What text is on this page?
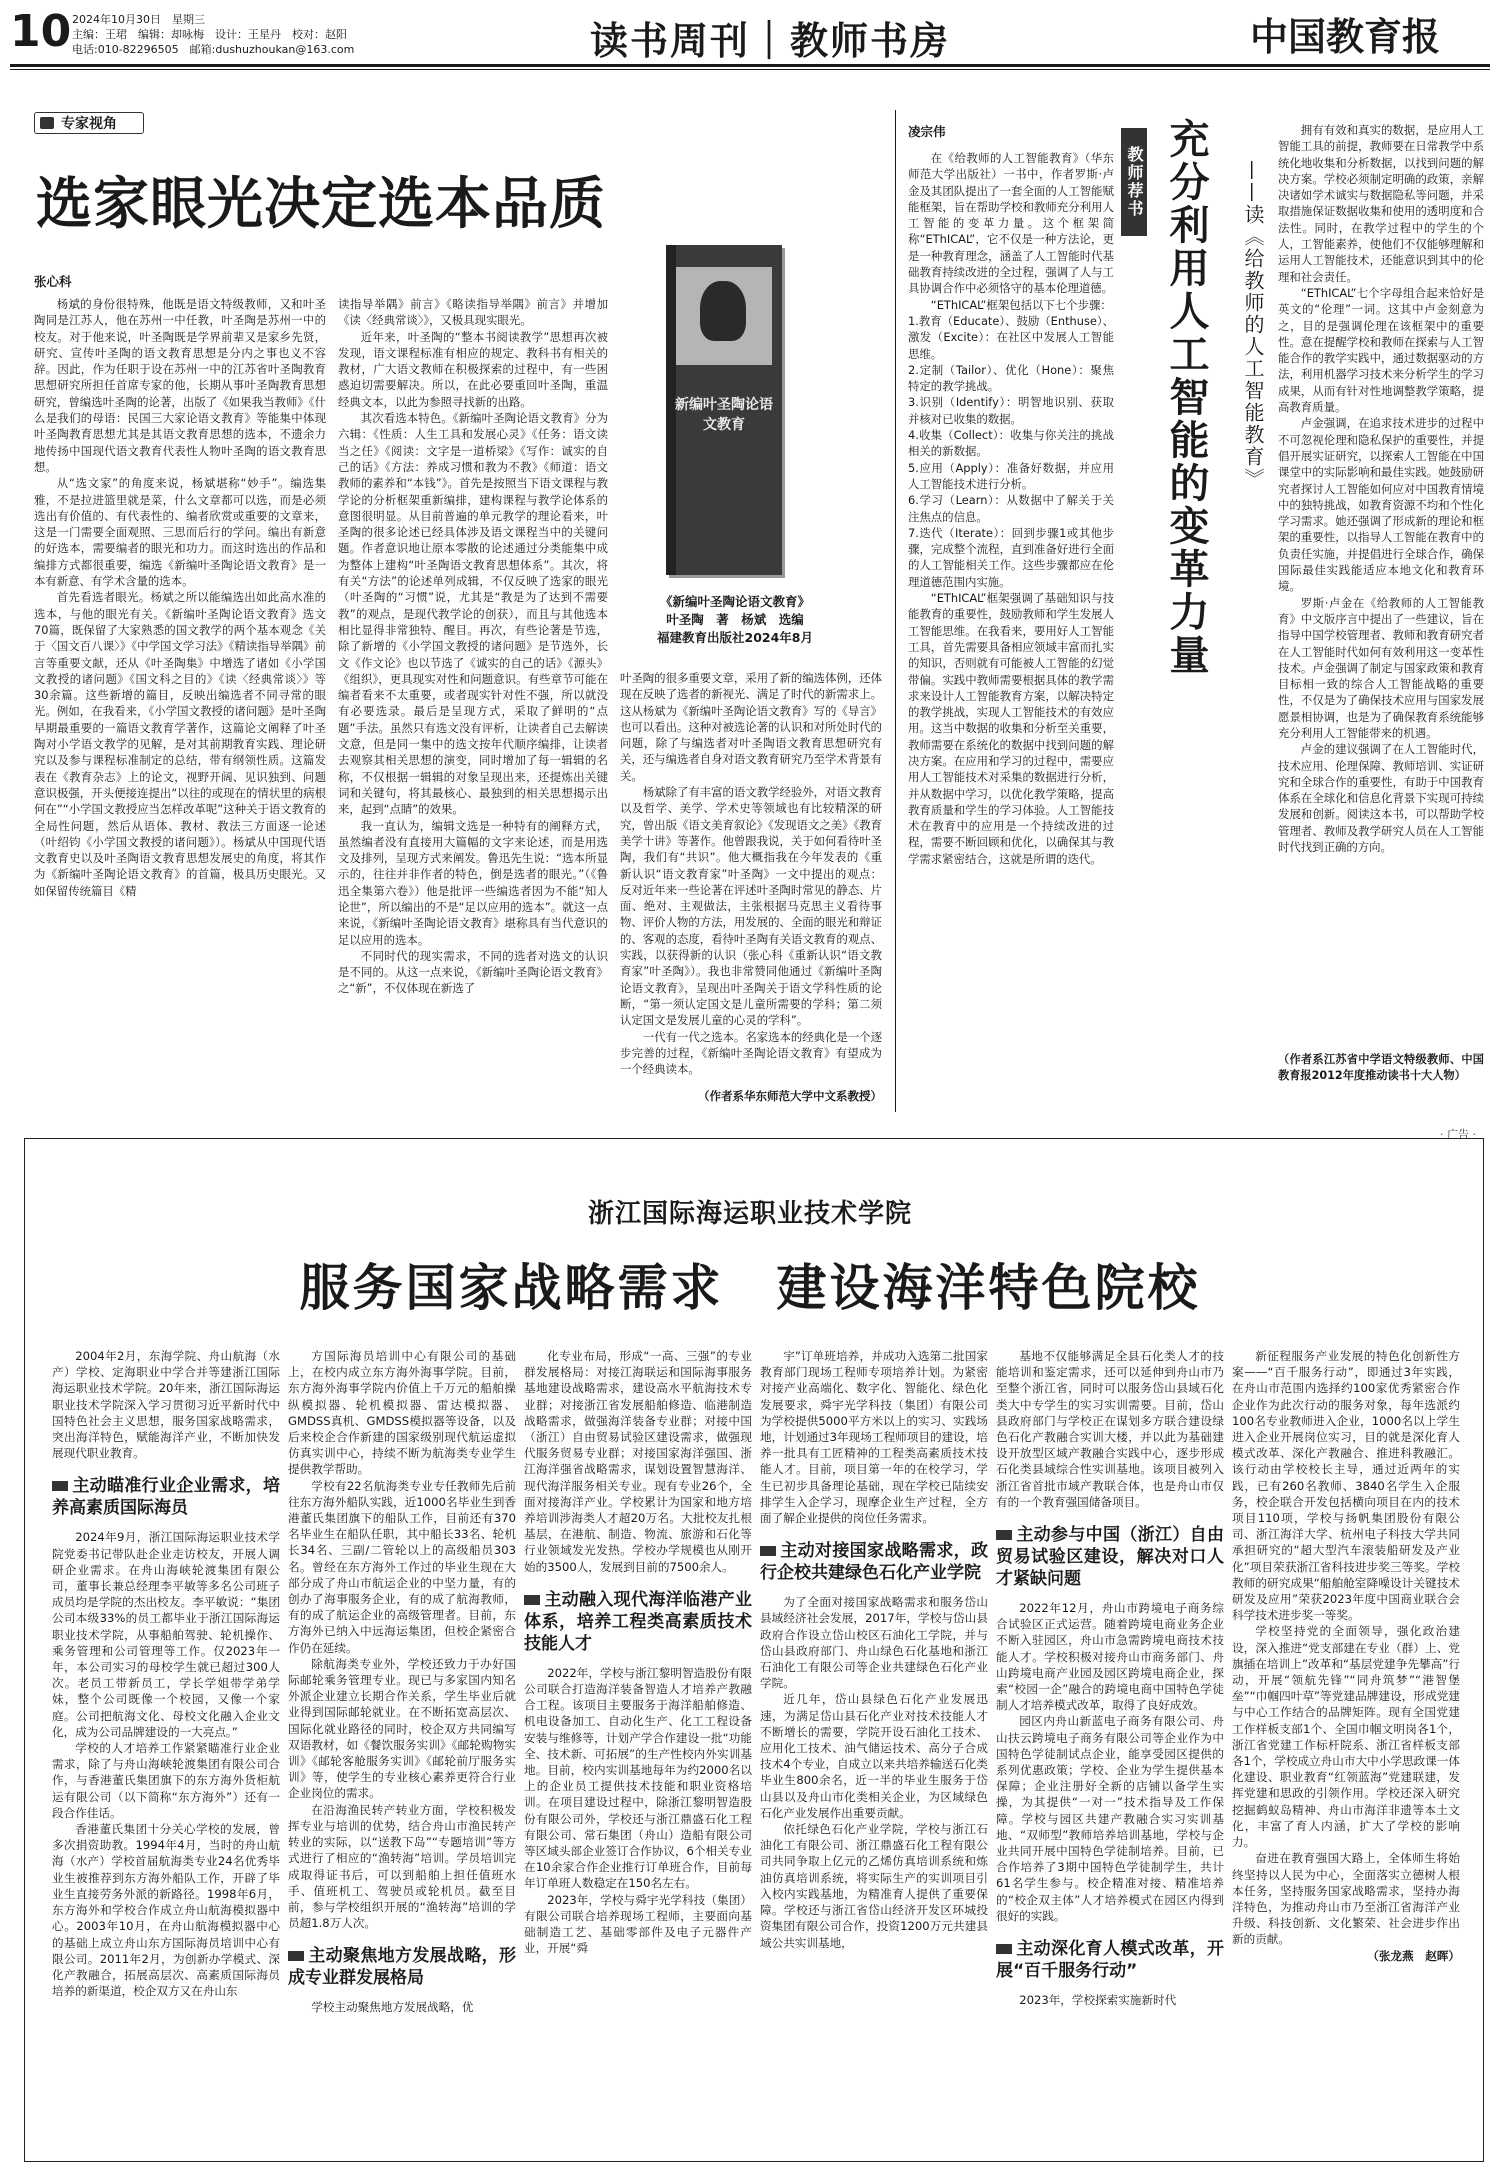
10 2024年10月30日　星期三
主编：王珺　编辑：却咏梅　设计：王星丹　校对：赵阳
电话:010-82296505　邮箱:dushuzhoukan@163.com	读书周刊｜教师书房	中国教育报
专家视角
选家眼光决定选本品质
张心科

杨斌的身份很特殊，他既是语文特级教师，又和叶圣陶同是江苏人，他在苏州一中任教，叶圣陶是苏州一中的校友。对于他来说，叶圣陶既是学界前辈又是家乡先贤，研究、宣传叶圣陶的语文教育思想是分内之事也义不容辞。因此，作为任职于设在苏州一中的江苏省叶圣陶教育思想研究所担任首席专家的他，长期从事叶圣陶教育思想研究，曾编选叶圣陶的论著，出版了《如果我当教师》《什么是我们的母语：民国三大家论语文教育》等能集中体现叶圣陶教育思想尤其是其语文教育思想的选本，不遗余力地传扬中国现代语文教育代表性人物叶圣陶的语文教育思想。

从“选文家”的角度来说，杨斌堪称“妙手”。编选集雅，不是拉进篮里就是菜，什么文章都可以选，而是必须选出有价值的、有代表性的、编者欣赏或重要的文章来，这是一门需要全面观照、三思而后行的学问。编出有新意的好选本，需要编者的眼光和功力。而这时选出的作品和编排方式都很重要，编选《新编叶圣陶论语文教育》是一本有新意、有学术含量的选本。

首先看选者眼光。杨斌之所以能编选出如此高水准的选本，与他的眼光有关。《新编叶圣陶论语文教育》选文70篇，既保留了大家熟悉的国文教学的两个基本观念《关于〈国文百八课〉》《中学国文学习法》《精读指导举隅》前言等重要文献，还从《叶圣陶集》中增选了诸如《小学国文教授的诸问题》《国文科之目的》《读〈经典常谈〉》等30余篇。这些新增的篇目，反映出编选者不同寻常的眼光。例如，在我看来，《小学国文教授的诸问题》是叶圣陶早期最重要的一篇语文教育学著作，这篇论文阐释了叶圣陶对小学语文教学的见解，是对其前期教育实践、理论研究以及参与课程标准制定的总结，带有纲领性质。这篇发表在《教育杂志》上的论文，视野开阔、见识独到、问题意识极强，开头便接连提出“以往的或现在的情状里的病根何在”“小学国文教授应当怎样改革呢”这种关于语文教育的全局性问题，然后从语体、教材、教法三方面逐一论述（叶绍钧《小学国文教授的诸问题》）。杨斌从中国现代语文教育史以及叶圣陶语文教育思想发展史的角度，将其作为《新编叶圣陶论语文教育》的首篇，极具历史眼光。又如保留传统篇目《精

读指导举隅》前言》《略读指导举隅》前言》并增加《读〈经典常谈〉》，又极具现实眼光。

近年来，叶圣陶的“整本书阅读教学”思想再次被发现，语文课程标准有相应的规定、教科书有相关的教材，广大语文教师在积极探索的过程中，有一些困惑迫切需要解决。所以，在此必要重回叶圣陶，重温经典文本，以此为参照寻找新的出路。

其次看选本特色。《新编叶圣陶论语文教育》分为六辑：《性质：人生工具和发展心灵》《任务：语文读当之任》《阅读：文字是一道桥梁》《写作：诚实的自己的话》《方法：养成习惯和教为不教》《师道：语文教师的素养和“本钱”》。首先是按照当下语文课程与教学论的分析框架重新编排，建构课程与教学论体系的意图很明显。从目前普遍的单元教学的理论看来，叶圣陶的很多论述已经具体涉及语文课程当中的关键问题。作者意识地让原本零散的论述通过分类能集中成为整体上建构“叶圣陶语文教育思想体系”。其次，将有关“方法”的论述单列成辑，不仅反映了选家的眼光（叶圣陶的“习惯”说，尤其是“教是为了达到不需要教”的观点，是现代教学论的创获），而且与其他选本相比显得非常独特、醒目。再次，有些论著是节选，除了新增的《小学国文教授的诸问题》是节选外，长文《作文论》也以节选了《诚实的自己的话》《源头》《组织》，更具现实对性和问题意识。有些章节可能在编者看来不太重要，或者现实针对性不强，所以就没有必要选录。最后是呈现方式，采取了鲜明的“点题”手法。虽然只有选文没有评析，让读者自己去解读文意，但是同一集中的选文按年代顺序编排，让读者去观察其相关思想的演变，同时增加了每一辑辑的名称，不仅根据一辑辑的对象呈现出来，还提炼出关键词和关键句，将其最核心、最独到的相关思想揭示出来，起到“点睛”的效果。

我一直认为，编辑文选是一种特有的阐释方式，虽然编者没有直接用大篇幅的文字来论述，而是用选文及排列，呈现方式来阐发。鲁迅先生说：“选本所显示的，往往并非作者的特色，倒是选者的眼光。”（《鲁迅全集第六卷》）他是批评一些编选者因为不能“知人论世”，所以编出的不是“足以应用的选本”。就这一点来说，《新编叶圣陶论语文教育》堪称具有当代意识的足以应用的选本。

不同时代的现实需求，不同的选者对选文的认识是不同的。从这一点来说，《新编叶圣陶论语文教育》之“新”，不仅体现在新选了

新编叶圣陶论语文教育
《新编叶圣陶论语文教育》
叶圣陶　著　杨斌　选编
福建教育出版社2024年8月

叶圣陶的很多重要文章，采用了新的编选体例，还体现在反映了选者的新视光、满足了时代的新需求上。这从杨斌为《新编叶圣陶论语文教育》写的《导言》也可以看出。这种对被选论著的认识和对所处时代的问题，除了与编选者对叶圣陶语文教育思想研究有关，还与编选者自身对语文教育研究乃至学术背景有关。

杨斌除了有丰富的语文教学经验外，对语文教育以及哲学、美学、学术史等领域也有比较精深的研究，曾出版《语文美育叙论》《发现语文之美》《教育美学十讲》等著作。他曾跟我说，关于如何看待叶圣陶，我们有“共识”。他大概指我在今年发表的《重新认识“语文教育家”叶圣陶》一文中提出的观点：反对近年来一些论著在评述叶圣陶时常见的静态、片面、绝对、主观做法，主张根据马克思主义看待事物、评价人物的方法，用发展的、全面的眼光和辩证的、客观的态度，看待叶圣陶有关语文教育的观点、实践，以获得新的认识（张心科《重新认识“语文教育家”叶圣陶》）。我也非常赞同他通过《新编叶圣陶论语文教育》，呈现出叶圣陶关于语文学科性质的论断，“第一须认定国文是儿童所需要的学科；第二须认定国文是发展儿童的心灵的学科”。

一代有一代之选本。名家选本的经典化是一个逐步完善的过程，《新编叶圣陶论语文教育》有望成为一个经典读本。

（作者系华东师范大学中文系教授）
凌宗伟

在《给教师的人工智能教育》（华东师范大学出版社）一书中，作者罗斯·卢金及其团队提出了一套全面的人工智能赋能框架，旨在帮助学校和教师充分利用人工智能的变革力量。这个框架简称“EThICAL”，它不仅是一种方法论，更是一种教育理念，涵盖了人工智能时代基础教育持续改进的全过程，强调了人与工具协调合作中必须恪守的基本伦理道德。

“EThICAL”框架包括以下七个步骤：

1.教育（Educate）、鼓励（Enthuse）、激发（Excite）：在社区中发展人工智能思维。

2.定制（Tailor）、优化（Hone）：聚焦特定的教学挑战。

3.识别（Identify）：明智地识别、获取并核对已收集的数据。

4.收集（Collect）：收集与你关注的挑战相关的新数据。

5.应用（Apply）：准备好数据，并应用人工智能技术进行分析。

6.学习（Learn）：从数据中了解关于关注焦点的信息。

7.迭代（Iterate）：回到步骤1或其他步骤，完成整个流程，直到准备好进行全面的人工智能相关工作。这些步骤都应在伦理道德范围内实施。

“EThICAL”框架强调了基础知识与技能教育的重要性，鼓励教师和学生发展人工智能思维。在我看来，要用好人工智能工具，首先需要具备相应领域丰富而扎实的知识，否则就有可能被人工智能的幻觉带偏。实践中教师需要根据具体的教学需求来设计人工智能教育方案，以解决特定的教学挑战，实现人工智能技术的有效应用。这当中数据的收集和分析至关重要，教师需要在系统化的数据中找到问题的解决方案。在应用和学习的过程中，需要应用人工智能技术对采集的数据进行分析，并从数据中学习，以优化教学策略，提高教育质量和学生的学习体验。人工智能技术在教育中的应用是一个持续改进的过程，需要不断回顾和优化，以确保其与教学需求紧密结合，这就是所谓的迭代。

教师荐书 充分利用人工智能的变革力量 ——读《给教师的人工智能教育》

拥有有效和真实的数据，是应用人工智能工具的前提，教师要在日常教学中系统化地收集和分析数据，以找到问题的解决方案。学校必须制定明确的政策，亲解决诸如学术诚实与数据隐私等问题，并采取措施保证数据收集和使用的透明度和合法性。同时，在教学过程中的学生的个人，工智能素养，使他们不仅能够理解和运用人工智能技术，还能意识到其中的伦理和社会责任。

“EThICAL”七个字母组合起来恰好是英文的“伦理”一词。这其中卢金刻意为之，目的是强调伦理在该框架中的重要性。意在提醒学校和教师在探索与人工智能合作的教学实践中，通过数据驱动的方法，利用机器学习技术来分析学生的学习成果，从而有针对性地调整教学策略，提高教育质量。

卢金强调，在追求技术进步的过程中不可忽视伦理和隐私保护的重要性，并提倡开展实证研究，以探索人工智能在中国课堂中的实际影响和最佳实践。她鼓励研究者探讨人工智能如何应对中国教育情境中的独特挑战，如教育资源不均和个性化学习需求。她还强调了形成新的理论和框架的重要性，以指导人工智能在教育中的负责任实施，并提倡进行全球合作，确保国际最佳实践能适应本地文化和教育环境。

罗斯·卢金在《给教师的人工智能教育》中文版序言中提出了一些建议，旨在指导中国学校管理者、教师和教育研究者在人工智能时代如何有效利用这一变革性技术。卢金强调了制定与国家政策和教育目标相一致的综合人工智能战略的重要性，不仅是为了确保技术应用与国家发展愿景相协调，也是为了确保教育系统能够充分利用人工智能带来的机遇。

卢金的建议强调了在人工智能时代，技术应用、伦理保障、教师培训、实证研究和全球合作的重要性，有助于中国教育体系在全球化和信息化背景下实现可持续发展和创新。阅读这本书，可以帮助学校管理者、教师及教学研究人员在人工智能时代找到正确的方向。

（作者系江苏省中学语文特级教师、中国教育报2012年度推动读书十大人物）
· 广告 ·
浙江国际海运职业技术学院
服务国家战略需求　建设海洋特色院校

2004年2月，东海学院、舟山航海（水产）学校、定海职业中学合并等建浙江国际海运职业技术学院。20年来，浙江国际海运职业技术学院深入学习贯彻习近平新时代中国特色社会主义思想，服务国家战略需求，突出海洋特色，赋能海洋产业，不断加快发展现代职业教育。

主动瞄准行业企业需求，培养高素质国际海员

2024年9月，浙江国际海运职业技术学院党委书记带队赴企业走访校友，开展人调研企业需求。在舟山海峡轮渡集团有限公司，董事长兼总经理李平敏等多名公司班子成员均是学院的杰出校友。李平敏说：“集团公司本级33%的员工都毕业于浙江国际海运职业技术学院，从事船舶驾驶、轮机操作、乘务管理和公司管理等工作。仅2023年一年，本公司实习的母校学生就已超过300人次。老员工带新员工，学长学姐带学弟学妹，整个公司既像一个校园，又像一个家庭。公司把航海文化、母校文化融入企业文化，成为公司品牌建设的一大亮点。”

学校的人才培养工作紧紧瞄准行业企业需求，除了与舟山海峡轮渡集团有限公司合作，与香港董氏集团旗下的东方海外货柜航运有限公司（以下简称“东方海外”）还有一段合作佳话。

香港董氏集团十分关心学校的发展，曾多次捐资助教。1994年4月，当时的舟山航海（水产）学校首届航海类专业24名优秀毕业生被推荐到东方海外船队工作，开辟了毕业生直接劳务外派的新路径。1998年6月，东方海外和学校合作成立舟山航海模拟器中心。2003年10月，在舟山航海模拟器中心的基础上成立舟山东方国际海员培训中心有限公司。2011年2月，为创新办学模式、深化产教融合，拓展高层次、高素质国际海员培养的新渠道，校企双方又在舟山东

方国际海员培训中心有限公司的基础上，在校内成立东方海外海事学院。目前，东方海外海事学院内价值上千万元的船舶操纵模拟器、轮机模拟器、雷达模拟器、GMDSS真机、GMDSS模拟器等设备，以及后来校企合作新建的国家级别现代航运虚拟仿真实训中心，持续不断为航海类专业学生提供教学帮助。

学校有22名航海类专业专任教师先后前往东方海外船队实践，近1000名毕业生到香港董氏集团旗下的船队工作，目前还有370名毕业生在船队任职，其中船长33名、轮机长34名、三副/二管轮以上的高级船员303名。曾经在东方海外工作过的毕业生现在大部分成了舟山市航运企业的中坚力量，有的创办了海事服务企业，有的成了航海教师，有的成了航运企业的高级管理者。目前，东方海外已纳入中远海运集团，但校企紧密合作仍在延续。

除航海类专业外，学校还致力于办好国际邮轮乘务管理专业。现已与多家国内知名外派企业建立长期合作关系，学生毕业后就业得到国际邮轮就业。在不断拓宽高层次、国际化就业路径的同时，校企双方共同编写双语教材，如《餐饮服务实训》《邮轮购物实训》《邮轮客舱服务实训》《邮轮前厅服务实训》等，使学生的专业核心素养更符合行业企业岗位的需求。

在沿海渔民转产转业方面，学校积极发挥专业与培训的优势，结合舟山市渔民转产转业的实际，以“送教下岛”“专题培训”等方式进行了相应的“渔转海”培训。学员培训完成取得证书后，可以到船舶上担任值班水手、值班机工、驾驶员或轮机员。截至目前，参与学校组织开展的“渔转海”培训的学员超1.8万人次。

主动聚焦地方发展战略，形成专业群发展格局

学校主动聚焦地方发展战略，优

化专业布局，形成“一高、三强”的专业群发展格局：对接江海联运和国际海事服务基地建设战略需求，建设高水平航海技术专业群；对接浙江省发展船舶修造、临港制造战略需求，做强海洋装备专业群；对接中国（浙江）自由贸易试验区建设需求，做强现代服务贸易专业群；对接国家海洋强国、浙江海洋强省战略需求，谋划设置智慧海洋、现代海洋服务相关专业。现有专业26个，全面对接海洋产业。学校累计为国家和地方培养培训涉海类人才超20万名。大批校友扎根基层，在港航、制造、物流、旅游和石化等行业领域发光发热。学校办学规模也从刚开始的3500人，发展到目前的7500余人。

主动融入现代海洋临港产业体系，培养工程类高素质技术技能人才

2022年，学校与浙江黎明智造股份有限公司联合打造海洋装备智造人才培养产教融合工程。该项目主要服务于海洋船舶修造、机电设备加工、自动化生产、化工工程设备安装与维修等，计划产学合作建设一批“功能全、技术新、可拓展”的生产性校内外实训基地。目前，校内实训基地每年为约2000名以上的企业员工提供技术技能和职业资格培训。在项目建设过程中，除浙江黎明智造股份有限公司外，学校还与浙江鼎盛石化工程有限公司、常石集团（舟山）造船有限公司等区域头部企业签订合作协议，6个相关专业在10余家合作企业推行订单班合作，目前每年订单班人数稳定在150名左右。

2023年，学校与舜宇光学科技（集团）有限公司联合培养现场工程师，主要面向基础制造工艺、基础零部件及电子元器件产业，开展“舜

宇”订单班培养，并成功入选第二批国家教育部门现场工程师专项培养计划。为紧密对接产业高端化、数字化、智能化、绿色化发展要求，舜宇光学科技（集团）有限公司为学校提供5000平方米以上的实习、实践场地，计划通过3年现场工程师项目的建设，培养一批具有工匠精神的工程类高素质技术技能人才。目前，项目第一年的在校学习，学生已初步具备理论基础，现在学校已陆续安排学生入企学习，现摩企业生产过程，全方面了解企业提供的岗位任务需求。

主动对接国家战略需求，政行企校共建绿色石化产业学院

为了全面对接国家战略需求和服务岱山县域经济社会发展，2017年，学校与岱山县政府合作设立岱山校区石油化工学院，并与岱山县政府部门、舟山绿色石化基地和浙江石油化工有限公司等企业共建绿色石化产业学院。

近几年，岱山县绿色石化产业发展迅速，为满足岱山县石化产业对技术技能人才不断增长的需要，学院开设石油化工技术、应用化工技术、油气储运技术、高分子合成技术4个专业，自成立以来共培养输送石化类毕业生800余名，近一半的毕业生服务于岱山县以及舟山市化类相关企业，为区域绿色石化产业发展作出重要贡献。

依托绿色石化产业学院，学校与浙江石油化工有限公司、浙江鼎盛石化工程有限公司共同争取上亿元的乙烯仿真培训系统和炼油仿真培训系统，将实际生产的实训项目引入校内实践基地，为精准育人提供了重要保障。学校还与浙江省岱山经济开发区环城投资集团有限公司合作，投资1200万元共建县域公共实训基地，

基地不仅能够满足全县石化类人才的技能培训和鉴定需求，还可以延伸到舟山市乃至整个浙江省，同时可以服务岱山县域石化类大中专学生的实习实训需要。目前，岱山县政府部门与学校正在谋划多方联合建设绿色石化产教融合实训大楼，并以此为基础建设开放型区域产教融合实践中心，逐步形成石化类县域综合性实训基地。该项目被列入浙江省首批市域产教联合体，也是舟山市仅有的一个教育强国储备项目。

主动参与中国（浙江）自由贸易试验区建设，解决对口人才紧缺问题

2022年12月，舟山市跨境电子商务综合试验区正式运营。随着跨境电商业务企业不断入驻园区，舟山市急需跨境电商技术技能人才。学校积极对接舟山市商务部门、舟山跨境电商产业园及园区跨境电商企业，探索“校园一企”融合的跨境电商中国特色学徒制人才培养模式改革，取得了良好成效。

园区内舟山新蓝电子商务有限公司、舟山扶云跨境电子商务有限公司等企业作为中国特色学徒制试点企业，能享受园区提供的系列优惠政策；学校、企业为学生提供基本保障；企业注册好全新的店铺以备学生实操，为其提供“一对一”技术指导及工作保障。学校与园区共建产教融合实习实训基地、“双师型”教师培养培训基地，学校与企业共同开展中国特色学徒制培养。目前，已合作培养了3期中国特色学徒制学生，共计61名学生参与。校企精准对接、精准培养的“校企双主体”人才培养模式在园区内得到很好的实践。

主动深化育人模式改革，开展“百千服务行动”

2023年，学校探索实施新时代

新征程服务产业发展的特色化创新性方案——“百千服务行动”，即通过3年实践，在舟山市范围内选择约100家优秀紧密合作企业作为此次行动的服务对象，每年选派约100名专业教师进入企业，1000名以上学生进入企业开展岗位实习，目的就是深化育人模式改革、深化产教融合、推进科教融汇。该行动由学校校长主导，通过近两年的实践，已有260名教师、3840名学生入企服务，校企联合开发包括横向项目在内的技术项目110项，学校与扬帆集团股份有限公司、浙江海洋大学、杭州电子科技大学共同承担研究的“超大型汽车滚装船研发及产业化”项目荣获浙江省科技进步奖三等奖。学校教师的研究成果“船舶舱室降噪设计关键技术研发及应用”荣获2023年度中国商业联合会科学技术进步奖一等奖。

学校坚持党的全面领导，强化政治建设，深入推进“党支部建在专业（群）上、党旗插在培训上”改革和“基层党建争先攀高”行动，开展“领航先锋”“同舟筑梦”“港智堡垒”“巾帼四叶草”等党建品牌建设，形成党建与中心工作结合的品牌矩阵。现有全国党建工作样板支部1个、全国巾帼文明岗各1个，浙江省党建工作标杆院系、浙江省样板支部各1个，学校成立舟山市大中小学思政课一体化建设、职业教育“红领蓝海”党建联建，发挥党建和思政的引领作用。学校还深入研究挖掘鹤蚁岛精神、舟山市海洋非遗等本土文化，丰富了育人内涵，扩大了学校的影响力。

奋进在教育强国大路上，全体师生将始终坚持以人民为中心，全面落实立德树人根本任务，坚持服务国家战略需求，坚持办海洋特色，为推动舟山市乃至浙江省海洋产业升级、科技创新、文化繁荣、社会进步作出新的贡献。

（张龙燕　赵晖）
